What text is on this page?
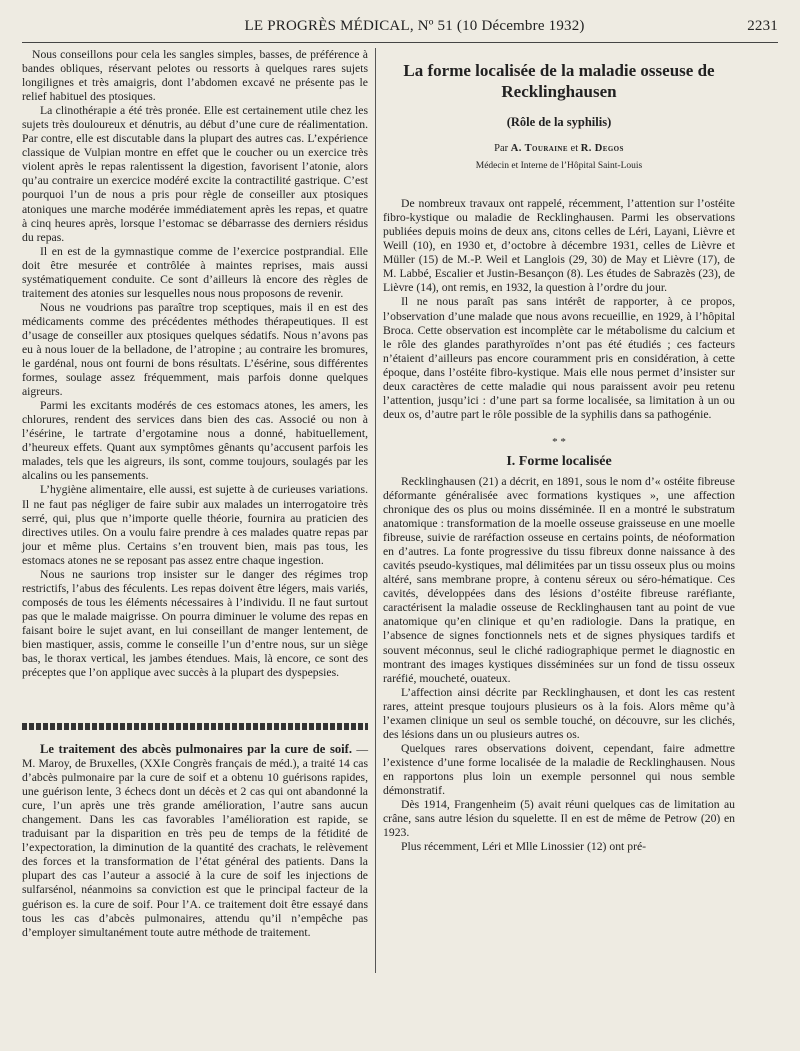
LE PROGRÈS MÉDICAL, Nº 51 (10 Décembre 1932)	2231

Nous conseillons pour cela les sangles simples, basses, de préférence à bandes obliques, réservant pelotes ou ressorts à quelques rares sujets longilignes et très amaigris, dont l’abdomen excavé ne présente pas le relief habituel des ptosiques.

La clinothérapie a été très pronée. Elle est certainement utile chez les sujets très douloureux et dénutris, au début d’une cure de réalimentation. Par contre, elle est discutable dans la plupart des autres cas. L’expérience classique de Vulpian montre en effet que le coucher ou un exercice très violent après le repas ralentissent la digestion, favorisent l’atonie, alors qu’au contraire un exercice modéré excite la contractilité gastrique. C’est pourquoi l’un de nous a pris pour règle de conseiller aux ptosiques atoniques une marche modérée immédiatement après les repas, et quatre à cinq heures après, lorsque l’estomac se débarrasse des derniers résidus du repas.

Il en est de la gymnastique comme de l’exercice postprandial. Elle doit être mesurée et contrôlée à maintes reprises, mais aussi systématiquement conduite. Ce sont d’ailleurs là encore des règles de traitement des atonies sur lesquelles nous nous proposons de revenir.

Nous ne voudrions pas paraître trop sceptiques, mais il en est des médicaments comme des précédentes méthodes thérapeutiques. Il est d’usage de conseiller aux ptosiques quelques sédatifs. Nous n’avons pas eu à nous louer de la belladone, de l’atropine ; au contraire les bromures, le gardénal, nous ont fourni de bons résultats. L’ésérine, sous différentes formes, soulage assez fréquemment, mais parfois donne quelques aigreurs.

Parmi les excitants modérés de ces estomacs atones, les amers, les chlorures, rendent des services dans bien des cas. Associé ou non à l’ésérine, le tartrate d’ergotamine nous a donné, habituellement, d’heureux effets. Quant aux symptômes gênants qu’accusent parfois les malades, tels que les aigreurs, ils sont, comme toujours, soulagés par les alcalins ou les pansements.

L’hygiène alimentaire, elle aussi, est sujette à de curieuses variations. Il ne faut pas négliger de faire subir aux malades un interrogatoire très serré, qui, plus que n’importe quelle théorie, fournira au praticien des directives utiles. On a voulu faire prendre à ces malades quatre repas par jour et même plus. Certains s’en trouvent bien, mais pas tous, les estomacs atones ne se reposant pas assez entre chaque ingestion.

Nous ne saurions trop insister sur le danger des régimes trop restrictifs, l’abus des féculents. Les repas doivent être légers, mais variés, composés de tous les éléments nécessaires à l’individu. Il ne faut surtout pas que le malade maigrisse. On pourra diminuer le volume des repas en faisant boire le sujet avant, en lui conseillant de manger lentement, de bien mastiquer, assis, comme le conseille l’un d’entre nous, sur un siège bas, le thorax vertical, les jambes étendues. Mais, là encore, ce sont des préceptes que l’on applique avec succès à la plupart des dyspepsies.

Le traitement des abcès pulmonaires par la cure de soif. — M. Maroy, de Bruxelles, (XXIe Congrès français de méd.), a traité 14 cas d’abcès pulmonaire par la cure de soif et a obtenu 10 guérisons rapides, une guérison lente, 3 échecs dont un décès et 2 cas qui ont abandonné la cure, l’un après une très grande amélioration, l’autre sans aucun changement. Dans les cas favorables l’amélioration est rapide, se traduisant par la disparition en très peu de temps de la fétidité de l’expectoration, la diminution de la quantité des crachats, le relèvement des forces et la transformation de l’état général des patients. Dans la plupart des cas l’auteur a associé à la cure de soif les injections de sulfarsénol, néanmoins sa conviction est que le principal facteur de la guérison es. la cure de soif. Pour l’A. ce traitement doit être essayé dans tous les cas d’abcès pulmonaires, attendu qu’il n’empêche pas d’employer simultanément toute autre méthode de traitement.

La forme localisée de la maladie osseuse de Recklinghausen
(Rôle de la syphilis)
Par A. Touraine et R. Degos
Médecin et Interne de l’Hôpital Saint-Louis

De nombreux travaux ont rappelé, récemment, l’attention sur l’ostéite fibro-kystique ou maladie de Recklinghausen. Parmi les observations publiées depuis moins de deux ans, citons celles de Léri, Layani, Lièvre et Weill (10), en 1930 et, d’octobre à décembre 1931, celles de Lièvre et Müller (15) de M.-P. Weil et Langlois (29, 30) de May et Lièvre (17), de M. Labbé, Escalier et Justin-Besançon (8). Les études de Sabrazès (23), de Lièvre (14), ont remis, en 1932, la question à l’ordre du jour.

Il ne nous paraît pas sans intérêt de rapporter, à ce propos, l’observation d’une malade que nous avons recueillie, en 1929, à l’hôpital Broca. Cette observation est incomplète car le métabolisme du calcium et le rôle des glandes parathyroïdes n’ont pas été étudiés ; ces facteurs n’étaient d’ailleurs pas encore couramment pris en considération, à cette époque, dans l’ostéite fibro-kystique. Mais elle nous permet d’insister sur deux caractères de cette maladie qui nous paraissent avoir peu retenu l’attention, jusqu’ici : d’une part sa forme localisée, sa limitation à un ou deux os, d’autre part le rôle possible de la syphilis dans sa pathogénie.

* *
I. Forme localisée

Recklinghausen (21) a décrit, en 1891, sous le nom d’« ostéite fibreuse déformante généralisée avec formations kystiques », une affection chronique des os plus ou moins disséminée. Il en a montré le substratum anatomique : transformation de la moelle osseuse graisseuse en une moelle fibreuse, suivie de raréfaction osseuse en certains points, de néoformation en d’autres. La fonte progressive du tissu fibreux donne naissance à des cavités pseudo-kystiques, mal délimitées par un tissu osseux plus ou moins altéré, sans membrane propre, à contenu séreux ou séro-hématique. Ces cavités, développées dans des lésions d’ostéite fibreuse raréfiante, caractérisent la maladie osseuse de Recklinghausen tant au point de vue anatomique qu’en clinique et qu’en radiologie. Dans la pratique, en l’absence de signes fonctionnels nets et de signes physiques tardifs et souvent méconnus, seul le cliché radiographique permet le diagnostic en montrant des images kystiques disséminées sur un fond de tissu osseux raréfié, moucheté, ouateux.

L’affection ainsi décrite par Recklinghausen, et dont les cas restent rares, atteint presque toujours plusieurs os à la fois. Alors même qu’à l’examen clinique un seul os semble touché, on découvre, sur les clichés, des lésions dans un ou plusieurs autres os.

Quelques rares observations doivent, cependant, faire admettre l’existence d’une forme localisée de la maladie de Recklinghausen. Nous en rapportons plus loin un exemple personnel qui nous semble démonstratif.

Dès 1914, Frangenheim (5) avait réuni quelques cas de limitation au crâne, sans autre lésion du squelette. Il en est de même de Petrow (20) en 1923.

Plus récemment, Léri et Mlle Linossier (12) ont pré-
